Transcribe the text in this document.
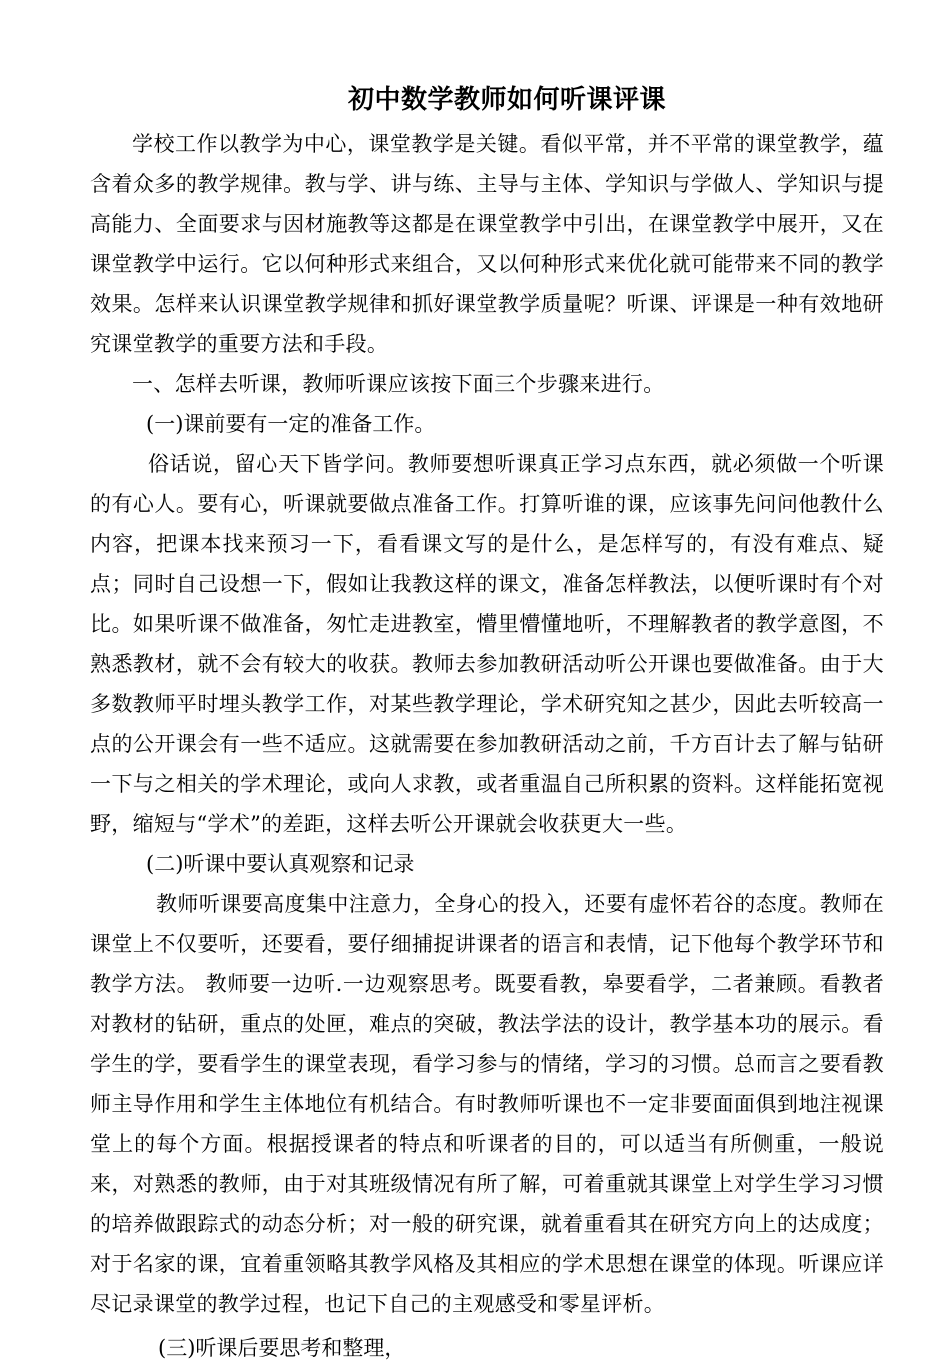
初中数学教师如何听课评课

学校工作以教学为中心，课堂教学是关键。看似平常，并不平常的课堂教学，蕴含着众多的教学规律。教与学、讲与练、主导与主体、学知识与学做人、学知识与提高能力、全面要求与因材施教等这都是在课堂教学中引出，在课堂教学中展开，又在课堂教学中运行。它以何种形式来组合，又以何种形式来优化就可能带来不同的教学效果。怎样来认识课堂教学规律和抓好课堂教学质量呢？听课、评课是一种有效地研究课堂教学的重要方法和手段。

一、怎样去听课，教师听课应该按下面三个步骤来进行。

(一)课前要有一定的准备工作。

俗话说，留心天下皆学问。教师要想听课真正学习点东西，就必须做一个听课的有心人。要有心，听课就要做点准备工作。打算听谁的课，应该事先问问他教什么内容，把课本找来预习一下，看看课文写的是什么，是怎样写的，有没有难点、疑点；同时自己设想一下，假如让我教这样的课文，准备怎样教法，以便听课时有个对比。如果听课不做准备，匆忙走进教室，懵里懵懂地听，不理解教者的教学意图，不熟悉教材，就不会有较大的收获。教师去参加教研活动听公开课也要做准备。由于大多数教师平时埋头教学工作，对某些教学理论，学术研究知之甚少，因此去听较高一点的公开课会有一些不适应。这就需要在参加教研活动之前，千方百计去了解与钻研一下与之相关的学术理论，或向人求教，或者重温自己所积累的资料。这样能拓宽视野，缩短与“学术”的差距，这样去听公开课就会收获更大一些。

(二)听课中要认真观察和记录

教师听课要高度集中注意力，全身心的投入，还要有虚怀若谷的态度。教师在课堂上不仅要听，还要看，要仔细捕捉讲课者的语言和表情，记下他每个教学环节和教学方法。 教师要一边听.一边观察思考。既要看教，皋要看学，二者兼顾。看教者对教材的钻研，重点的处匣，难点的突破，教法学法的设计，教学基本功的展示。看学生的学，要看学生的课堂表现，看学习参与的情绪，学习的习惯。总而言之要看教师主导作用和学生主体地位有机结合。有时教师听课也不一定非要面面俱到地注视课堂上的每个方面。根据授课者的特点和听课者的目的，可以适当有所侧重，一般说来，对熟悉的教师，由于对其班级情况有所了解，可着重就其课堂上对学生学习习惯的培养做跟踪式的动态分析；对一般的研究课，就着重看其在研究方向上的达成度；对于名家的课，宜着重领略其教学风格及其相应的学术思想在课堂的体现。听课应详尽记录课堂的教学过程，也记下自己的主观感受和零星评析。

(三)听课后要思考和整理，
